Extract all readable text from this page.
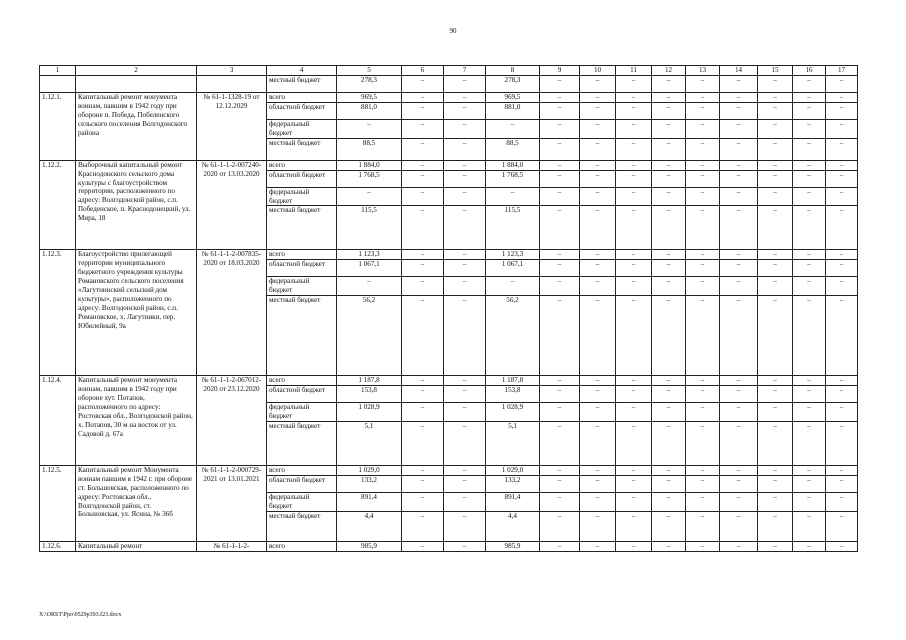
90
1	2	3	4	5	6	7	8	9	10	11	12	13	14	15	16	17
			местный бюджет	278,3	–	–	278,3	–	–	–	–	–	–	–	–	–
1.12.1.	Капитальный ремонт монумента воинам, павшим в 1942 году при обороне п. Победа, Побеленского сельского поселения Волгодонского района	№ 61-1-1328-19 от 12.12.2029	всего	969,5	–	–	969,5	–	–	–	–	–	–	–	–	–
			областной бюджет	881,0	–	–	881,0	–	–	–	–	–	–	–	–	–
			федеральный бюджет	–	–	–	–	–	–	–	–	–	–	–	–	–
			местный бюджет	88,5	–	–	88,5	–	–	–	–	–	–	–	–	–
1.12.2.	Выборочный капитальный ремонт Краснодонского сельского дома культуры с благоустройством территории, расположенного по адресу: Волгодонской район, с.п. Победенское, п. Краснодонецкий, ул. Мира, 18	№ 61-1-1-2-007240-2020 от 13.03.2020	всего	1 884,0	–	–	1 884,0	–	–	–	–	–	–	–	–	–
			областной бюджет	1 768,5	–	–	1 768,5	–	–	–	–	–	–	–	–	–
			федеральный бюджет	–	–	–	–	–	–	–	–	–	–	–	–	–
			местный бюджет	115,5	–	–	115,5	–	–	–	–	–	–	–	–	–
1.12.3.	Благоустройство прилегающей территории муниципального бюджетного учреждения культуры Романовского сельского поселения «Лагутнинский сельский дом культуры», расположенного по адресу: Волгодонской район, с.п. Романовское, х. Лагутники, пер. Юбилейный, 9а	№ 61-1-1-2-007835-2020 от 18.03.2020	всего	1 123,3	–	–	1 123,3	–	–	–	–	–	–	–	–	–
			областной бюджет	1 067,1	–	–	1 067,1	–	–	–	–	–	–	–	–	–
			федеральный бюджет	–	–	–	–	–	–	–	–	–	–	–	–	–
			местный бюджет	56,2	–	–	56,2	–	–	–	–	–	–	–	–	–
1.12.4.	Капитальный ремонт монумента воинам, павшим в 1942 году при обороне хут. Потапов, расположенного по адресу: Ростовская обл., Волгодонской район, х. Потапов, 30 м на восток от ул. Садовой д. 67а	№ 61-1-1-2-067012-2020 от 23.12.2020	всего	1 187,8	–	–	1 187,8	–	–	–	–	–	–	–	–	–
			областной бюджет	153,8	–	–	153,8	–	–	–	–	–	–	–	–	–
			федеральный бюджет	1 028,9	–	–	1 028,9	–	–	–	–	–	–	–	–	–
			местный бюджет	5,1	–	–	5,1	–	–	–	–	–	–	–	–	–
1.12.5.	Капитальный ремонт Монумента воинам павшим в 1942 г. при обороне ст. Большовская, расположенного по адресу: Ростовская обл., Волгодонской район, ст. Большовская, ул. Ясина, № 36б	№ 61-1-1-2-000729-2021 от 13.01.2021	всего	1 029,0	–	–	1 029,0	–	–	–	–	–	–	–	–	–
			областной бюджет	133,2	–	–	133,2	–	–	–	–	–	–	–	–	–
			федеральный бюджет	891,4	–	–	891,4	–	–	–	–	–	–	–	–	–
			местный бюджет	4,4	–	–	4,4	–	–	–	–	–	–	–	–	–
1.12.6.	Капитальный ремонт	№ 61-1-1-2-	всего	985,9	–	–	985,9	–	–	–	–	–	–	–	–	–
X:\ORST\Ppo\0529p393.f23.docx
